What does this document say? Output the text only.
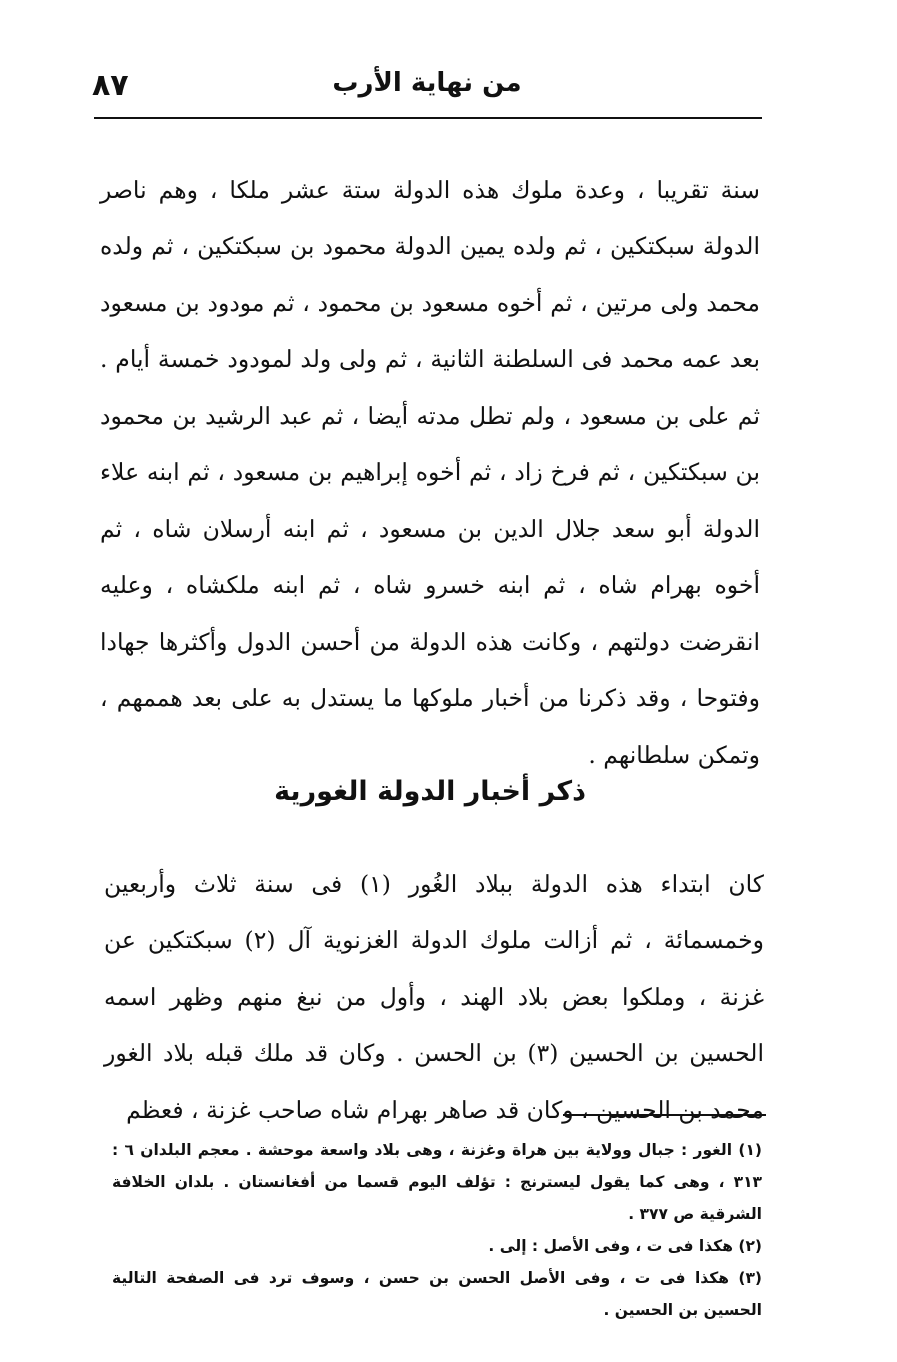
من نهاية الأرب
٨٧

سنة تقريبا ، وعدة ملوك هذه الدولة ستة عشر ملكا ، وهم ناصر الدولة سبكتكين ، ثم ولده يمين الدولة محمود بن سبكتكين ، ثم ولده محمد ولى مرتين ، ثم أخوه مسعود بن محمود ، ثم مودود بن مسعود بعد عمه محمد فى السلطنة الثانية ، ثم ولى ولد لمودود خمسة أيام . ثم على بن مسعود ، ولم تطل مدته أيضا ، ثم عبد الرشيد بن محمود بن سبكتكين ، ثم فرخ زاد ، ثم أخوه إبراهيم بن مسعود ، ثم ابنه علاء الدولة أبو سعد جلال الدين بن مسعود ، ثم ابنه أرسلان شاه ، ثم أخوه بهرام شاه ، ثم ابنه خسرو شاه ، ثم ابنه ملكشاه ، وعليه انقرضت دولتهم ، وكانت هذه الدولة من أحسن الدول وأكثرها جهادا وفتوحا ، وقد ذكرنا من أخبار ملوكها ما يستدل به على بعد هممهم ، وتمكن سلطانهم .

ذكر أخبار الدولة الغورية

كان ابتداء هذه الدولة ببلاد الغُور (١) فى سنة ثلاث وأربعين وخمسمائة ، ثم أزالت ملوك الدولة الغزنوية آل (٢) سبكتكين عن غزنة ، وملكوا بعض بلاد الهند ، وأول من نبغ منهم وظهر اسمه الحسين بن الحسين (٣) بن الحسن . وكان قد ملك قبله بلاد الغور محمد بن الحسين ، وكان قد صاهر بهرام شاه صاحب غزنة ، فعظم

(١) الغور : جبال وولاية بين هراة وغزنة ، وهى بلاد واسعة موحشة . معجم البلدان ٦ : ٣١٣ ، وهى كما يقول ليسترنج : تؤلف اليوم قسما من أفغانستان . بلدان الخلافة الشرقية ص ٣٧٧ .

(٢) هكذا فى ت ، وفى الأصل : إلى .

(٣) هكذا فى ت ، وفى الأصل الحسن بن حسن ، وسوف ترد فى الصفحة التالية الحسين بن الحسين .
